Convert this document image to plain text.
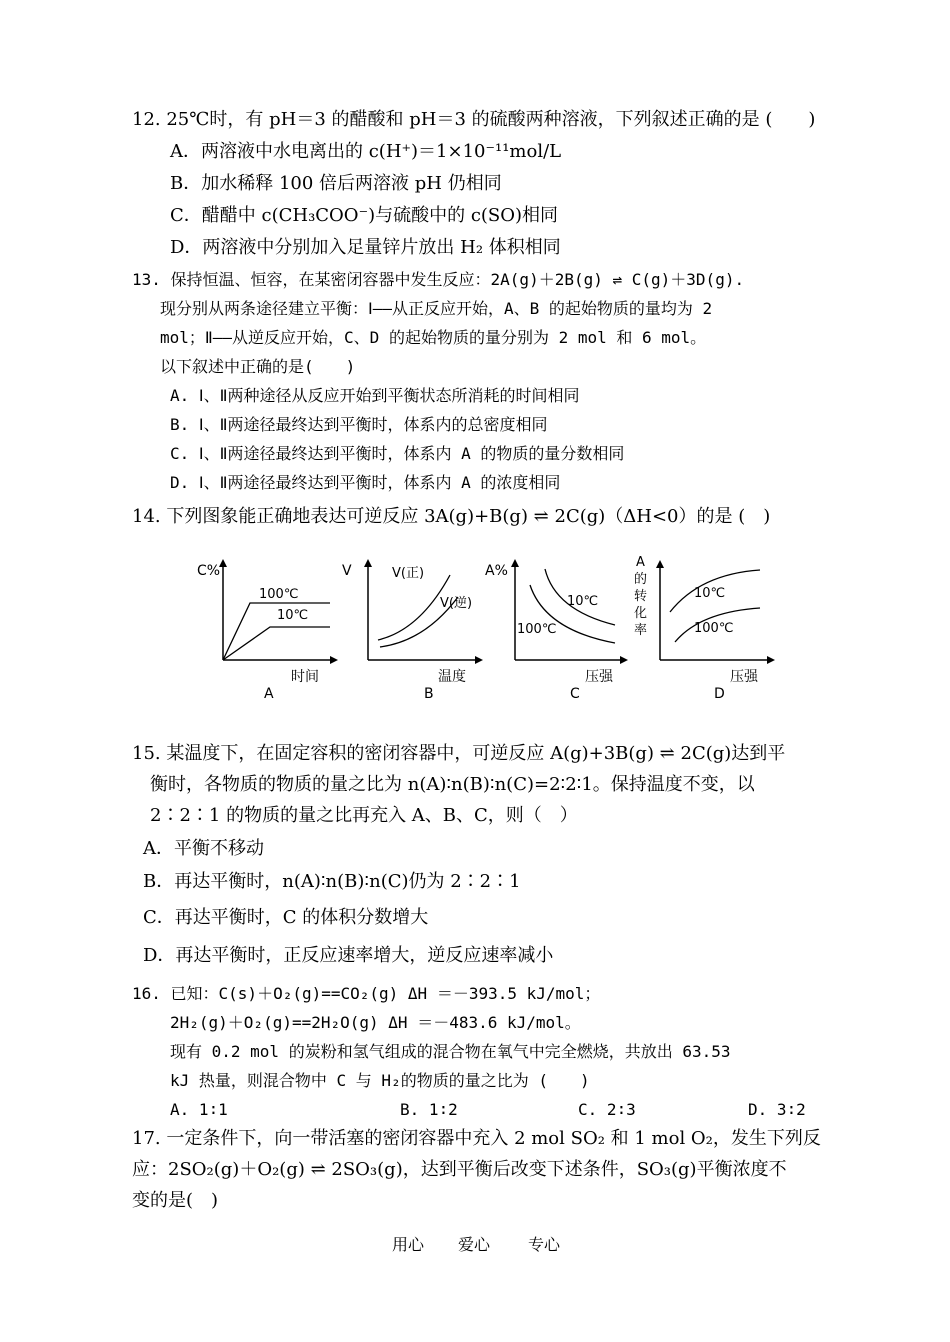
12. 25℃时，有 pH＝3 的醋酸和 pH＝3 的硫酸两种溶液，下列叙述正确的是 (　　)
A．两溶液中水电离出的 c(H⁺)＝1×10⁻¹¹mol/L
B．加水稀释 100 倍后两溶液 pH 仍相同
C．醋醋中 c(CH₃COO⁻)与硫酸中的 c(SO)相同
D．两溶液中分别加入足量锌片放出 H₂ 体积相同
13. 保持恒温、恒容，在某密闭容器中发生反应：2A(g)＋2B(g) ⇌ C(g)＋3D(g).
现分别从两条途径建立平衡：Ⅰ——从正反应开始，A、B 的起始物质的量均为 2
mol；Ⅱ——从逆反应开始，C、D 的起始物质的量分别为 2 mol 和 6 mol。
以下叙述中正确的是(　　)
A. Ⅰ、Ⅱ两种途径从反应开始到平衡状态所消耗的时间相同
B. Ⅰ、Ⅱ两途径最终达到平衡时，体系内的总密度相同
C. Ⅰ、Ⅱ两途径最终达到平衡时，体系内 A 的物质的量分数相同
D. Ⅰ、Ⅱ两途径最终达到平衡时，体系内 A 的浓度相同
14. 下列图象能正确地表达可逆反应 3A(g)+B(g) ⇌ 2C(g)（ΔH<0）的是 (　)
C%
100℃
10℃
时间
A
V	V(正)
V(逆)
温度
B
A%
10℃
100℃
压强
C
A
的
转
化
率
10℃
100℃
压强
D
15. 某温度下，在固定容积的密闭容器中，可逆反应 A(g)+3B(g) ⇌ 2C(g)达到平
衡时，各物质的物质的量之比为 n(A)∶n(B)∶n(C)=2∶2∶1。保持温度不变，以
2∶2∶1 的物质的量之比再充入 A、B、C，则（　）
A．平衡不移动
B．再达平衡时，n(A)∶n(B)∶n(C)仍为 2∶2∶1
C．再达平衡时，C 的体积分数增大
D．再达平衡时，正反应速率增大，逆反应速率减小
16. 已知：C(s)＋O₂(g)==CO₂(g) ΔH ＝－393.5 kJ/mol；
2H₂(g)＋O₂(g)==2H₂O(g) ΔH ＝－483.6 kJ/mol。
现有 0.2 mol 的炭粉和氢气组成的混合物在氧气中完全燃烧，共放出 63.53
kJ 热量，则混合物中 C 与 H₂的物质的量之比为 (　　)
A. 1∶1	B. 1∶2	C. 2∶3	D. 3∶2
17. 一定条件下，向一带活塞的密闭容器中充入 2 mol SO₂ 和 1 mol O₂，发生下列反
应：2SO₂(g)＋O₂(g) ⇌ 2SO₃(g)，达到平衡后改变下述条件，SO₃(g)平衡浓度不
变的是(　)
用心 爱心 专心
